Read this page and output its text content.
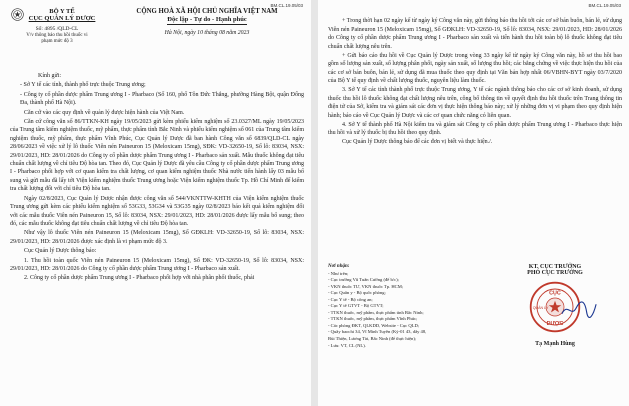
BM.CL.19.05/03
BỘ Y TẾ
CỤC QUẢN LÝ DƯỢC
Số: 4895 /QLD-CL
V/v thông báo thu hồi thuốc vi
phạm mức độ 3
CỘNG HOÀ XÃ HỘI CHỦ NGHĨA VIỆT NAM
Độc lập - Tự do - Hạnh phúc
Hà Nội, ngày 10 tháng 08 năm 2023

Kính gửi:

- Sở Y tế các tỉnh, thành phố trực thuộc Trung ương;

- Công ty cổ phần dược phẩm Trung ương I - Pharbaco (Số 160, phố Tôn Đức Thắng, phường Hàng Bột, quận Đống Đa, thành phố Hà Nội).

Căn cứ vào các quy định về quản lý được hiện hành của Việt Nam.

Căn cứ công văn số 86/TTKN-KH ngày 19/05/2023 gửi kèm phiếu kiểm nghiệm số 23.0327/ML ngày 19/05/2023 của Trung tâm kiểm nghiệm thuốc, mỹ phẩm, thực phẩm tỉnh Bắc Ninh và phiếu kiểm nghiệm số 061 của Trung tâm kiểm nghiệm thuốc, mỹ phẩm, thực phẩm Vĩnh Phúc, Cục Quản lý Dược đã ban hành Công văn số 6839/QLD-CL ngày 28/06/2023 về việc xử lý lô thuốc Viên nén Paineuron 15 (Meloxicam 15mg), SĐK: VD-32650-19, Số lô: 83034, NSX: 29/01/2023, HD: 28/01/2026 do Công ty cổ phần dược phẩm Trung ương I - Pharbaco sản xuất. Mẫu thuốc không đạt tiêu chuẩn chất lượng về chỉ tiêu Độ hòa tan. Theo đó, Cục Quản lý Dược đã yêu cầu Công ty cổ phần dược phẩm Trung ương I - Pharbaco phối hợp với cơ quan kiểm tra chất lượng, cơ quan kiểm nghiệm thuốc Nhà nước tiến hành lấy 03 mẫu bổ sung và gửi mẫu đã lấy tới Viện kiểm nghiệm thuốc Trung ương hoặc Viện kiểm nghiệm thuốc Tp. Hồ Chí Minh để kiểm tra chất lượng đối với chỉ tiêu Độ hòa tan.

Ngày 02/8/2023, Cục Quản lý Dược nhận được công văn số 544/VKNTTW-KHTH của Viện kiểm nghiệm thuốc Trung ương gửi kèm các phiếu kiểm nghiệm số 53G33, 53G34 và 53G35 ngày 02/8/2023 báo kết quả kiểm nghiệm đối với các mẫu thuốc Viên nén Paineuron 15, Số lô: 83034, NSX: 29/01/2023, HD: 28/01/2026 được lấy mẫu bổ sung; theo đó, các mẫu thuốc không đạt tiêu chuẩn chất lượng về chỉ tiêu Độ hòa tan.

Như vậy lô thuốc Viên nén Paineuron 15 (Meloxicam 15mg), Số GĐKLH: VD-32650-19, Số lô: 83034, NSX: 29/01/2023, HD: 28/01/2026 được xác định là vi phạm mức độ 3.

Cục Quản lý Dược thông báo:

1. Thu hồi toàn quốc Viên nén Paineuron 15 (Meloxicam 15mg), Số ĐK: VD-32650-19, Số lô: 83034, NSX: 29/01/2023, HD: 28/01/2026 do Công ty cổ phần dược phẩm Trung ương I - Pharbaco sản xuất.

2. Công ty cổ phần dược phẩm Trung ương I - Pharbaco phối hợp với nhà phân phối thuốc, phải

BM.CL.19.05/03

+ Trong thời hạn 02 ngày kể từ ngày ký Công văn này, gửi thông báo thu hồi tới các cơ sở bán buôn, bán lẻ, sử dụng Viên nén Paineuron 15 (Meloxicam 15mg), Số GĐKLH: VD-32650-19, Số lô: 83034, NSX: 29/01/2023, HD: 28/01/2026 do Công ty cổ phần dược phẩm Trung ương I - Pharbaco sản xuất và tiến hành thu hồi toàn bộ lô thuốc không đạt tiêu chuẩn chất lượng nêu trên.

+ Gửi báo cáo thu hồi về Cục Quản lý Dược trong vòng 33 ngày kể từ ngày ký Công văn này, hồ sơ thu hồi bao gồm số lượng sản xuất, số lượng phân phối, ngày sản xuất, số lượng thu hồi; các bằng chứng về việc thực hiện thu hồi của các cơ sở bán buôn, bán lẻ, sử dụng đã mua thuốc theo quy định tại Văn bản hợp nhất 06/VBHN-BYT ngày 03/7/2020 của Bộ Y tế quy định về chất lượng thuốc, nguyên liệu làm thuốc.

3. Sở Y tế các tỉnh thành phố trực thuộc Trung ương, Y tế các ngành thông báo cho các cơ sở kinh doanh, sử dụng thuốc thu hồi lô thuốc không đạt chất lượng nêu trên, công bố thông tin về quyết định thu hồi thuốc trên Trang thông tin điện tử của Sở, kiểm tra và giám sát các đơn vị thực hiện thông báo này; xử lý những đơn vị vi phạm theo quy định hiện hành; báo cáo về Cục Quản lý Dược và các cơ quan chức năng có liên quan.

4. Sở Y tế thành phố Hà Nội kiểm tra và giám sát Công ty cổ phần dược phẩm Trung ương I - Pharbaco thực hiện thu hồi và xử lý thuốc bị thu hồi theo quy định.

Cục Quản lý Dược thông báo để các đơn vị biết và thực hiện./.

Nơi nhận:
- Như trên;
- Cục trưởng Vũ Tuấn Cường (để b/c);
- VKN thuốc TƯ, VKN thuốc Tp. HCM;
- Cục Quân y - Bộ quốc phòng;
- Cục Y tế - Bộ công an;
- Cục Y tế GTVT - Bộ GTVT;
- TTKN thuốc, mỹ phẩm, thực phẩm tỉnh Bắc Ninh;
- TTKN thuốc, mỹ phẩm, thực phẩm Vĩnh Phúc;
- Các phòng ĐKT, QLKDD, Website - Cục QLD;
- Quầy baochi 34, Vĩ Minh Tuyền (Kỳ-01 43, dãy 48,
Bùi Thiện, Lương Tài, Bắc Ninh (để thực hiện);
- Lưu: VT, CL (NL).
KT. CỤC TRƯỞNG
PHÓ CỤC TRƯỞNG
CỤC
DƯỢC
QUẢN LÝ
Tạ Mạnh Hùng
